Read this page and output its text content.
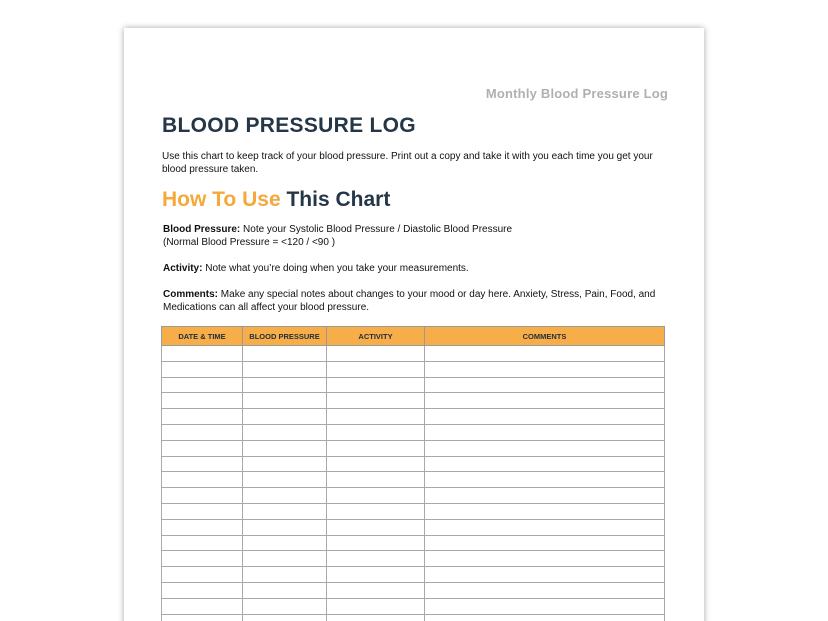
Monthly Blood Pressure Log
BLOOD PRESSURE LOG

Use this chart to keep track of your blood pressure. Print out a copy and take it with you each time you get your blood pressure taken.

How To Use This Chart

Blood Pressure: Note your Systolic Blood Pressure / Diastolic Blood Pressure
(Normal Blood Pressure = <120 / <90 )

Activity: Note what you’re doing when you take your measurements.

Comments: Make any special notes about changes to your mood or day here. Anxiety, Stress, Pain, Food, and Medications can all affect your blood pressure.

DATE & TIME	BLOOD PRESSURE	ACTIVITY	COMMENTS
